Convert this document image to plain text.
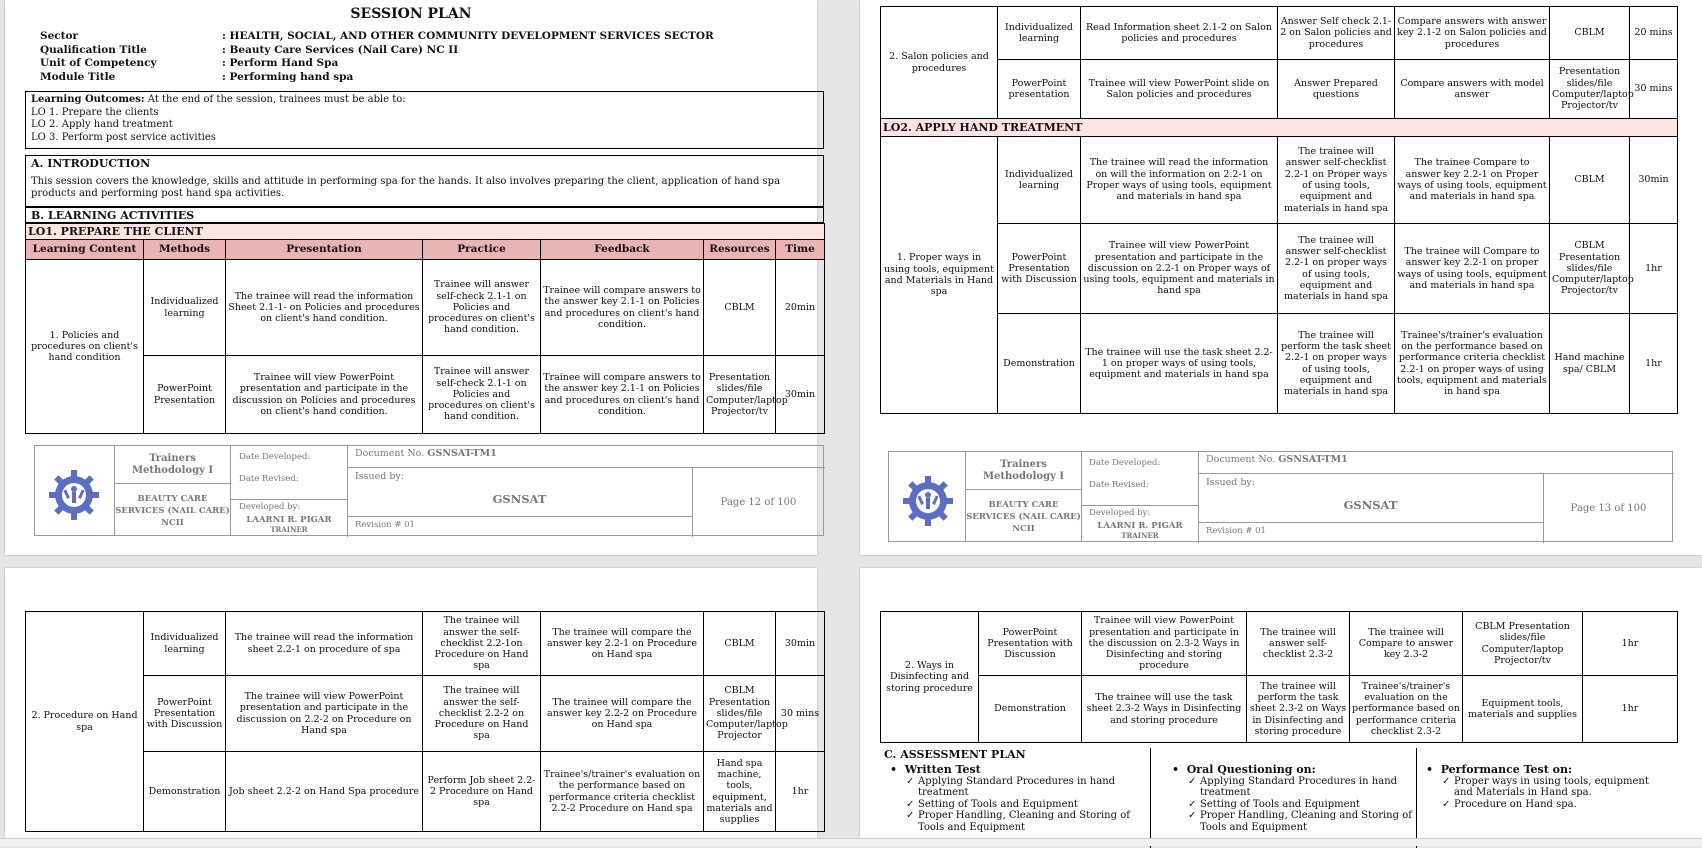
SESSION PLAN
Sector	: HEALTH, SOCIAL, AND OTHER COMMUNITY DEVELOPMENT SERVICES SECTOR
Qualification Title	: Beauty Care Services (Nail Care) NC II
Unit of Competency	: Perform Hand Spa
Module Title	: Performing hand spa
Learning Outcomes: At the end of the session, trainees must be able to:
LO 1. Prepare the clients
LO 2. Apply hand treatment
LO 3. Perform post service activities
A. INTRODUCTION
This session covers the knowledge, skills and attitude in performing spa for the hands. It also involves preparing the client, application of hand spa products and performing post hand spa activities.
B. LEARNING ACTIVITIES
LO1. PREPARE THE CLIENT						
Learning Content	Methods	Presentation	Practice	Feedback	Resources	Time
1. Policies and procedures on client's hand condition	Individualized learning	The trainee will read the information Sheet 2.1-1- on Policies and procedures on client's hand condition.	Trainee will answer self-check 2.1-1 on Policies and procedures on client's hand condition.	Trainee will compare answers to the answer key 2.1-1 on Policies and procedures on client's hand condition.	CBLM	20min
	PowerPoint Presentation	Trainee will view PowerPoint presentation and participate in the discussion on Policies and procedures on client's hand condition.	Trainee will answer self-check 2.1-1 on Policies and procedures on client's hand condition.	Trainee will compare answers to the answer key 2.1-1 on Policies and procedures on client's hand condition.	Presentation slides/file Computer/laptop Projector/tv	30min
Trainers Methodology I
BEAUTY CARE SERVICES (NAIL CARE) NCII
Date Developed:
Date Revised:
Developed by:
LAARNI R. PIGAR
TRAINER
Document No. GSNSAT-TM1
Issued by:
GSNSAT
Revision # 01
Page 12 of 100
2. Salon policies and procedures	Individualized learning	Read Information sheet 2.1-2 on Salon policies and procedures	Answer Self check 2.1-2 on Salon policies and procedures	Compare answers with answer key 2.1-2 on Salon policies and procedures	CBLM	20 mins
	PowerPoint presentation	Trainee will view PowerPoint slide on Salon policies and procedures	Answer Prepared questions	Compare answers with model answer	Presentation slides/file Computer/laptop Projector/tv	30 mins
LO2. APPLY HAND TREATMENT						
1. Proper ways in using tools, equipment and Materials in Hand spa	Individualized learning	The trainee will read the information on will the information on 2.2-1 on Proper ways of using tools, equipment and materials in hand spa	The trainee will answer self-checklist 2.2-1 on Proper ways of using tools, equipment and materials in hand spa	The trainee Compare to answer key 2.2-1 on Proper ways of using tools, equipment and materials in hand spa	CBLM	30min
	PowerPoint Presentation with Discussion	Trainee will view PowerPoint presentation and participate in the discussion on 2.2-1 on Proper ways of using tools, equipment and materials in hand spa	The trainee will answer self-checklist 2.2-1 on proper ways of using tools, equipment and materials in hand spa	The trainee will Compare to answer key 2.2-1 on proper ways of using tools, equipment and materials in hand spa	CBLM Presentation slides/file Computer/laptop Projector/tv	1hr
	Demonstration	The trainee will use the task sheet 2.2-1 on proper ways of using tools, equipment and materials in hand spa	The trainee will perform the task sheet 2.2-1 on proper ways of using tools, equipment and materials in hand spa	Trainee's/trainer's evaluation on the performance based on performance criteria checklist 2.2-1 on proper ways of using tools, equipment and materials in hand spa	Hand machine spa/ CBLM	1hr
Trainers Methodology I
BEAUTY CARE SERVICES (NAIL CARE) NCII
Date Developed:
Date Revised:
Developed by:
LAARNI R. PIGAR
TRAINER
Document No. GSNSAT-TM1
Issued by:
GSNSAT
Revision # 01
Page 13 of 100
2. Procedure on Hand spa	Individualized learning	The trainee will read the information sheet 2.2-1 on procedure of spa	The trainee will answer the self-checklist 2.2-1on Procedure on Hand spa	The trainee will compare the answer key 2.2-1 on Procedure on Hand spa	CBLM	30min
	PowerPoint Presentation with Discussion	The trainee will view PowerPoint presentation and participate in the discussion on 2.2-2 on Procedure on Hand spa	The trainee will answer the self-checklist 2.2-2 on Procedure on Hand spa	The trainee will compare the answer key 2.2-2 on Procedure on Hand spa	CBLM Presentation slides/file Computer/laptop Projector	30 mins
	Demonstration	Job sheet 2.2-2 on Hand Spa procedure	Perform Job sheet 2.2-2 Procedure on Hand spa	Trainee's/trainer's evaluation on the performance based on performance criteria checklist 2.2-2 Procedure on Hand spa	Hand spa machine, tools, equipment, materials and supplies	1hr
2. Ways in Disinfecting and storing procedure	PowerPoint Presentation with Discussion	Trainee will view PowerPoint presentation and participate in the discussion on 2.3-2 Ways in Disinfecting and storing procedure	The trainee will answer self-checklist 2.3-2	The trainee will Compare to answer key 2.3-2	CBLM Presentation slides/file Computer/laptop Projector/tv	1hr
	Demonstration	The trainee will use the task sheet 2.3-2 Ways in Disinfecting and storing procedure	The trainee will perform the task sheet 2.3-2 on Ways in Disinfecting and storing procedure	Trainee's/trainer's evaluation on the performance based on performance criteria checklist 2.3-2	Equipment tools, materials and supplies	1hr
C. ASSESSMENT PLAN
•  Written Test
✓ Applying Standard Procedures in hand treatment
✓ Setting of Tools and Equipment
✓ Proper Handling, Cleaning and Storing of Tools and Equipment
•  Oral Questioning on:
✓ Applying Standard Procedures in hand treatment
✓ Setting of Tools and Equipment
✓ Proper Handling, Cleaning and Storing of Tools and Equipment
•  Performance Test on:
✓ Proper ways in using tools, equipment and Materials in Hand spa.
✓ Procedure on Hand spa.
